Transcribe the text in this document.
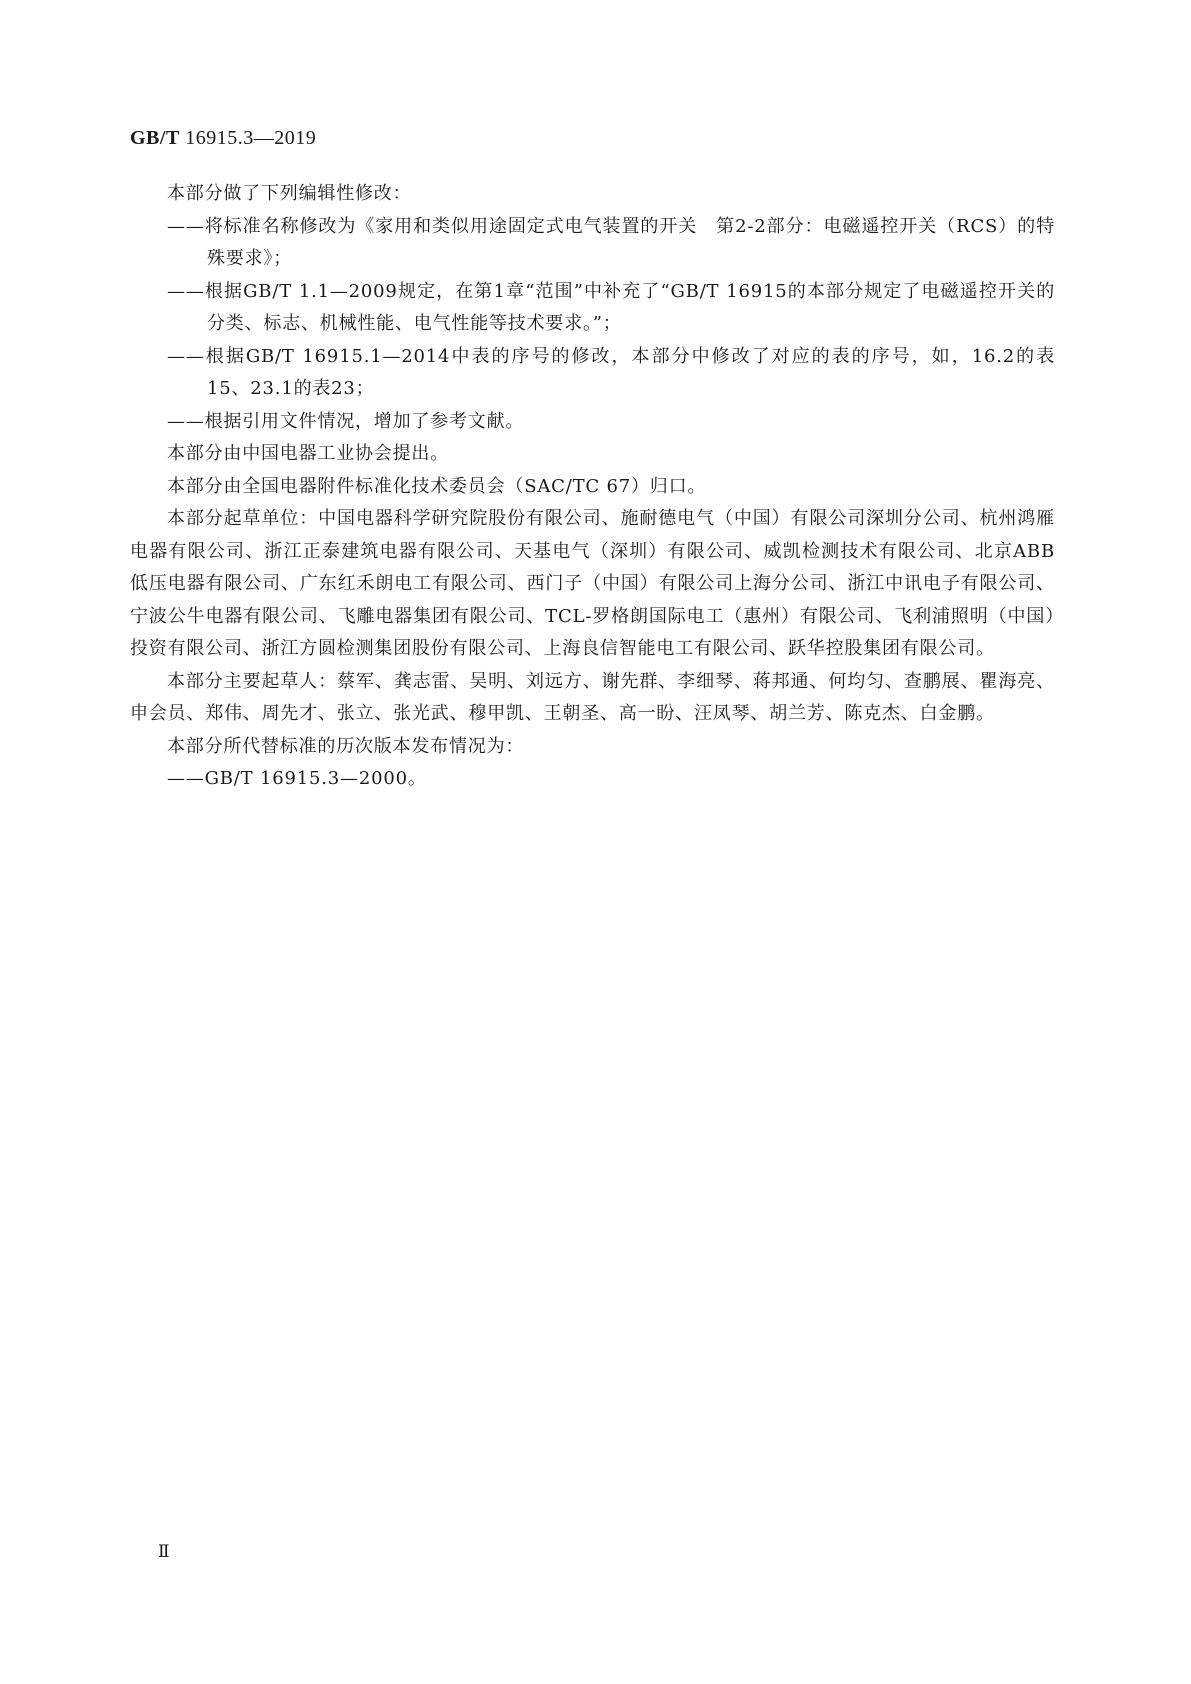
GB/T 16915.3—2019

本部分做了下列编辑性修改：

——将标准名称修改为《家用和类似用途固定式电气装置的开关　第2-2部分：电磁遥控开关（RCS）的特殊要求》；

——根据GB/T 1.1—2009规定，在第1章“范围”中补充了“GB/T 16915的本部分规定了电磁遥控开关的分类、标志、机械性能、电气性能等技术要求。”；

——根据GB/T 16915.1—2014中表的序号的修改，本部分中修改了对应的表的序号，如，16.2的表15、23.1的表23；

——根据引用文件情况，增加了参考文献。

本部分由中国电器工业协会提出。

本部分由全国电器附件标准化技术委员会（SAC/TC 67）归口。

本部分起草单位：中国电器科学研究院股份有限公司、施耐德电气（中国）有限公司深圳分公司、杭州鸿雁电器有限公司、浙江正泰建筑电器有限公司、天基电气（深圳）有限公司、威凯检测技术有限公司、北京ABB低压电器有限公司、广东红禾朗电工有限公司、西门子（中国）有限公司上海分公司、浙江中讯电子有限公司、宁波公牛电器有限公司、飞雕电器集团有限公司、TCL-罗格朗国际电工（惠州）有限公司、飞利浦照明（中国）投资有限公司、浙江方圆检测集团股份有限公司、上海良信智能电工有限公司、跃华控股集团有限公司。

本部分主要起草人：蔡军、龚志雷、吴明、刘远方、谢先群、李细琴、蒋邦通、何均匀、查鹏展、瞿海亮、申会员、郑伟、周先才、张立、张光武、穆甲凯、王朝圣、高一盼、汪凤琴、胡兰芳、陈克杰、白金鹏。

本部分所代替标准的历次版本发布情况为：

——GB/T 16915.3—2000。

Ⅱ
